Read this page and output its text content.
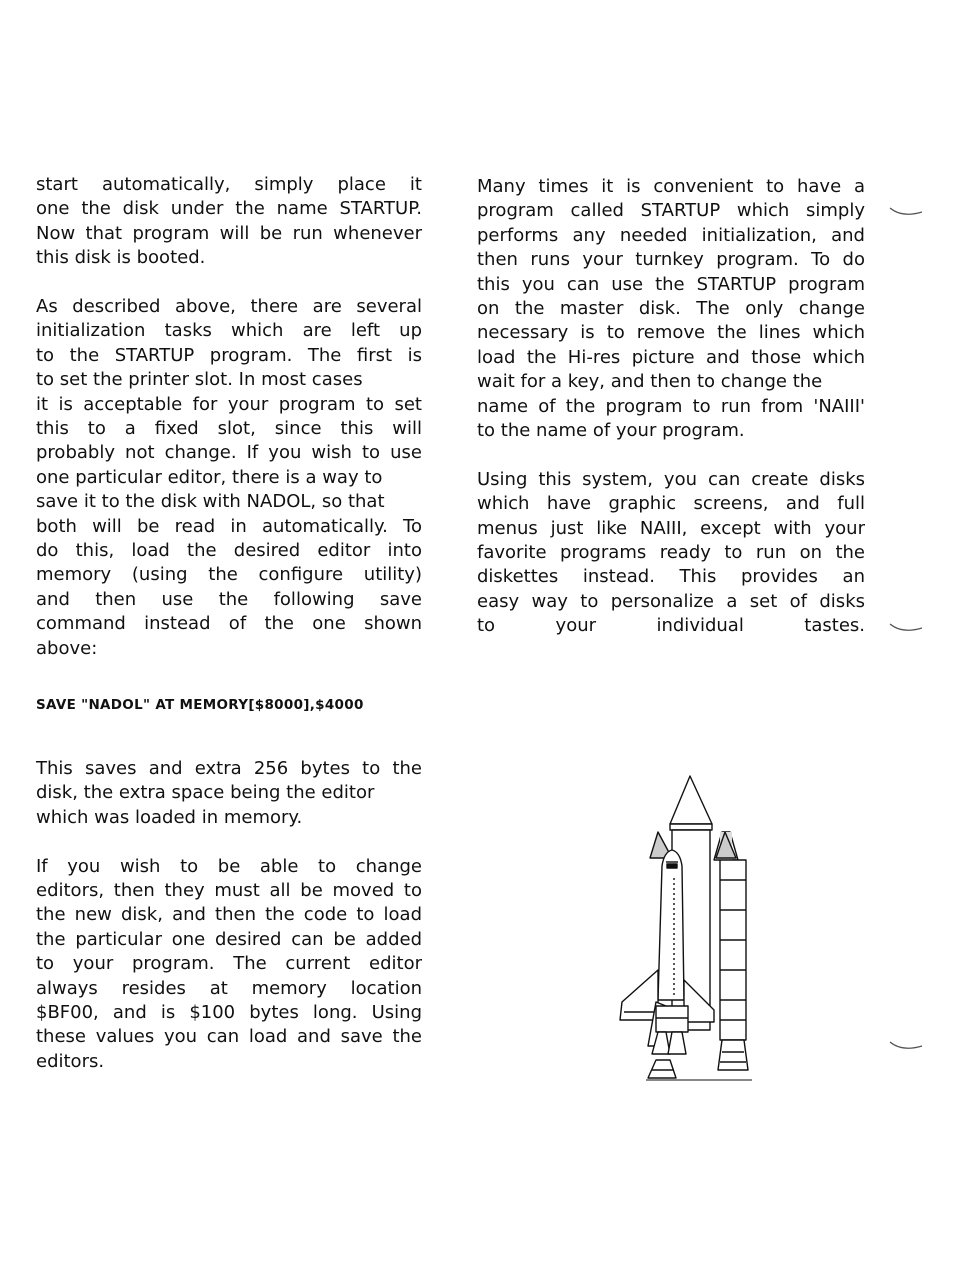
start automatically, simply place it
one the disk under the name STARTUP.
Now that program will be run whenever
this disk is booted.
As described above, there are several
initialization tasks which are left up
to the STARTUP program. The first is
to set the printer slot. In most cases
it is acceptable for your program to set
this to a fixed slot, since this will
probably not change. If you wish to use
one particular editor, there is a way to
save it to the disk with NADOL, so that
both will be read in automatically. To
do this, load the desired editor into
memory (using the configure utility)
and then use the following save
command instead of the one shown
above:
SAVE "NADOL" AT MEMORY[$8000],$4000
This saves and extra 256 bytes to the
disk, the extra space being the editor
which was loaded in memory.
If you wish to be able to change
editors, then they must all be moved to
the new disk, and then the code to load
the particular one desired can be added
to your program. The current editor
always resides at memory location
$BF00, and is $100 bytes long. Using
these values you can load and save the
editors.
Many times it is convenient to have a
program called STARTUP which simply
performs any needed initialization, and
then runs your turnkey program. To do
this you can use the STARTUP program
on the master disk. The only change
necessary is to remove the lines which
load the Hi-res picture and those which
wait for a key, and then to change the
name of the program to run from 'NAIII'
to the name of your program.
Using this system, you can create disks
which have graphic screens, and full
menus just like NAIII, except with your
favorite programs ready to run on the
diskettes instead. This provides an
easy way to personalize a set of disks
to your individual tastes.
